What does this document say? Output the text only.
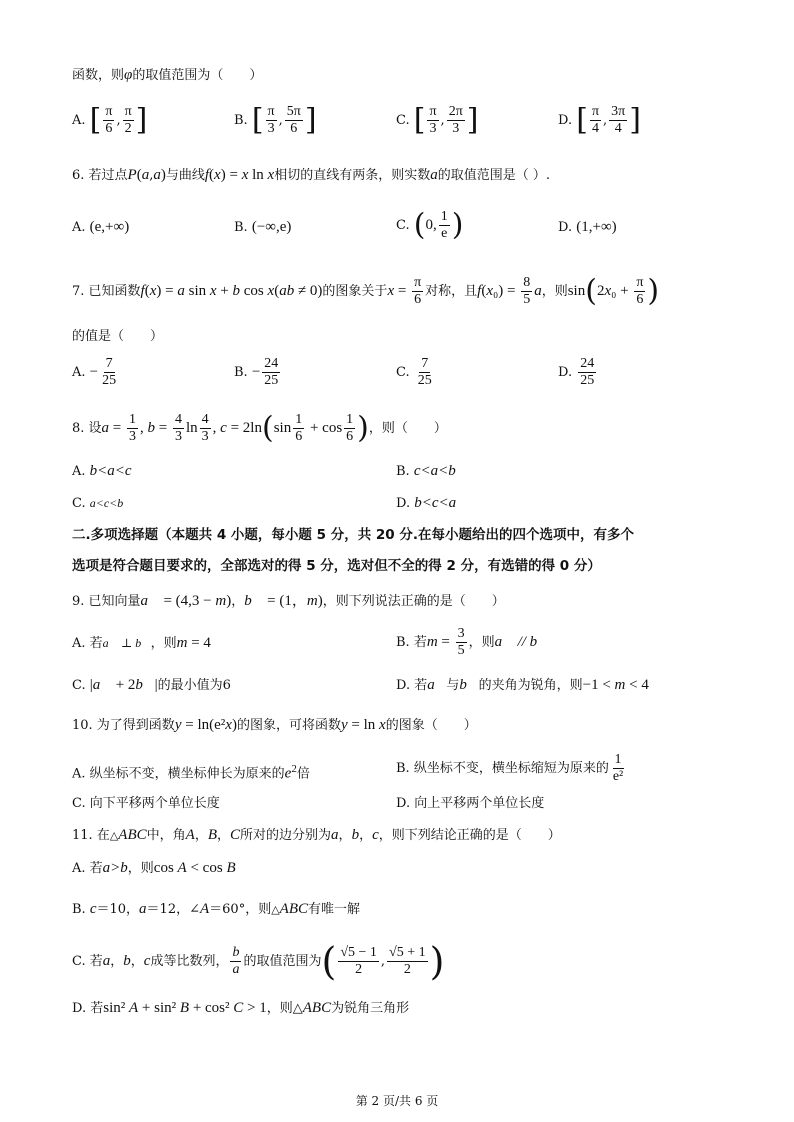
函数，则φ的取值范围为（　　）
A. [ $\frac{\pi}{6}$ , $\frac{\pi}{2}$ ]	B. [ $\frac{\pi}{3}$ , $\frac{5\pi}{6}$ ]	C. [ $\frac{\pi}{3}$ , $\frac{2\pi}{3}$ ]	D. [ $\frac{\pi}{4}$ , $\frac{3\pi}{4}$ ]
6. 若过点P(a,a)与曲线f(x) = x ln x相切的直线有两条，则实数a的取值范围是（ ）.
A. (e,+∞)	B. (−∞,e)	C. (0, $\frac{1}{e}$ )	D. (1,+∞)
7. 已知函数f(x) = a sin x + b cos x(ab ≠ 0)的图象关于$x = \frac{\pi}{6}$ 对称，且$f(x_0) = \frac{8}{5}$ a，则$\sin(2x_0 + \frac{\pi}{6}$ )
的值是（　　）
A. − $\frac{7}{25}$	B. − $\frac{24}{25}$	C. $\frac{7}{25}$	D. $\frac{24}{25}$
8. 设$a = \frac{1}{3}$ , $b = \frac{4}{3}$ $\ln \frac{4}{3}$ , $c = 2\ln(\sin \frac{1}{6} + \cos \frac{1}{6}$ )，则（　　）
A. b<a<c	B. c<a<b
C. a<c<b	D. b<c<a
二.多项选择题（本题共 4 小题，每小题 5 分，共 20 分.在每小题给出的四个选项中，有多个
选项是符合题目要求的，全部选对的得 5 分，选对但不全的得 2 分，有选错的得 0 分）
9. 已知向量a⃗ = (4,3 − m)，b⃗ = (1，m)，则下列说法正确的是（　　）
A. 若a⃗ ⊥ b⃗，则m = 4	B. 若$m = \frac{3}{5}$ ，则a⃗ // b⃗
C. |a⃗ + 2b⃗|的最小值为6	D. 若a⃗与b⃗的夹角为锐角，则−1 < m < 4
10. 为了得到函数y = ln(e²x)的图象，可将函数y = ln x的图象（　　）
A. 纵坐标不变，横坐标伸长为原来的$e^2$倍	B. 纵坐标不变，横坐标缩短为原来的 $\frac{1}{\text{e²}}$
C. 向下平移两个单位长度	D. 向上平移两个单位长度
11. 在△ABC中，角A，B，C所对的边分别为a，b，c，则下列结论正确的是（　　）
A. 若a>b，则cos A < cos B
B. c＝10，a＝12，∠A＝60°，则△ABC有唯一解
C. 若a，b，c成等比数列， $\frac{b}{a}$ 的取值范围为( $\frac{√5 - 1}{2}$ , $\frac{√5 + 1}{2}$ )
D. 若sin² A + sin² B + cos² C > 1，则△ABC为锐角三角形
第 2 页/共 6 页
